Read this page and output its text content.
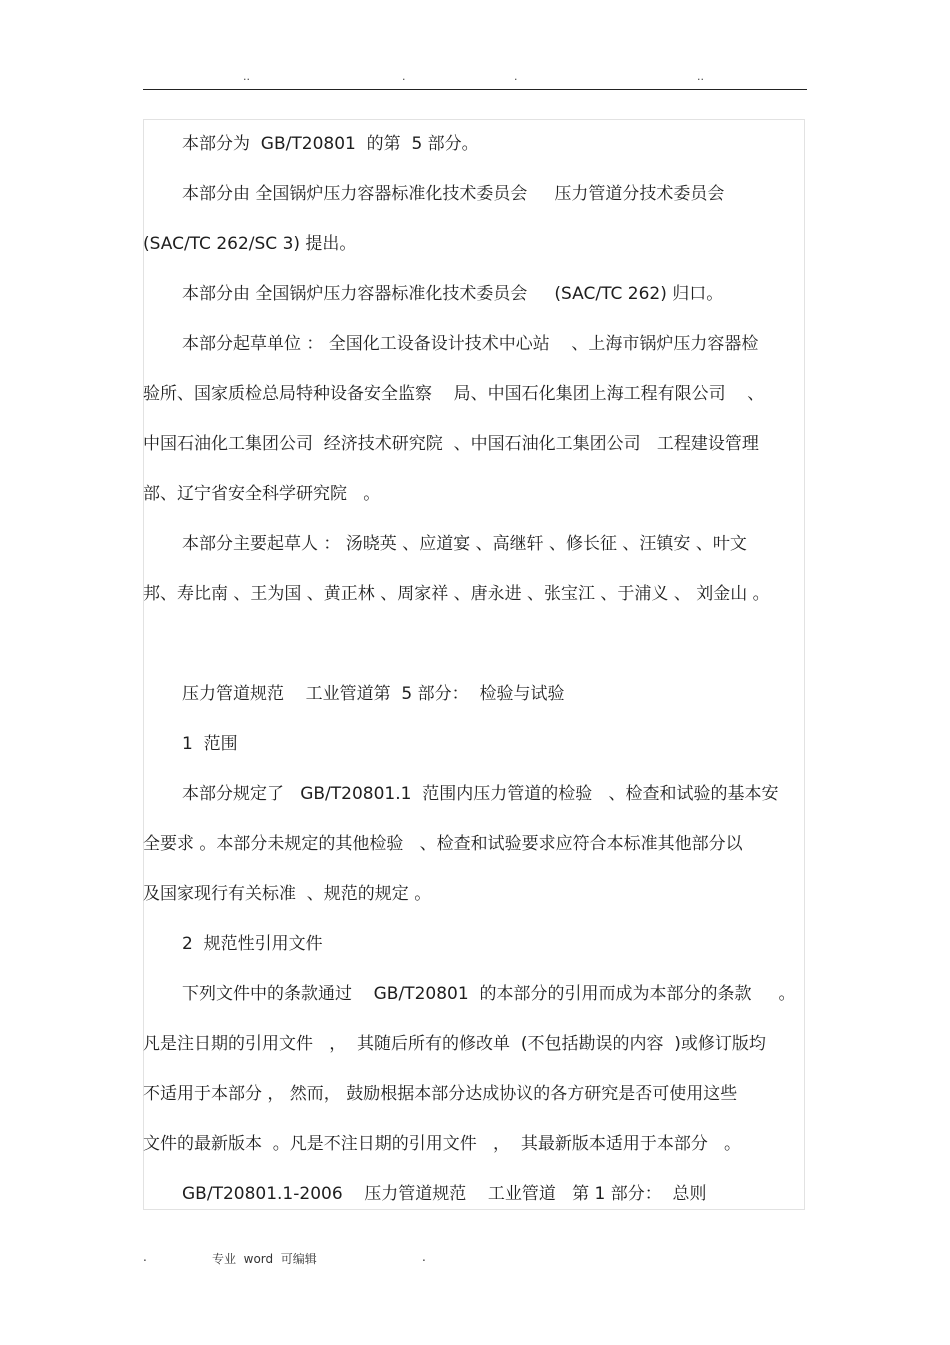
..	.	.	..
本部分为  GB/T20801  的第  5 部分。
本部分由 全国锅炉压力容器标准化技术委员会     压力管道分技术委员会
(SAC/TC 262/SC 3) 提出。
本部分由 全国锅炉压力容器标准化技术委员会     (SAC/TC 262) 归口。
本部分起草单位 ： 全国化工设备设计技术中心站    、上海市锅炉压力容器检
验所、国家质检总局特种设备安全监察    局、中国石化集团上海工程有限公司    、
中国石油化工集团公司  经济技术研究院  、中国石油化工集团公司   工程建设管理
部、辽宁省安全科学研究院   。
本部分主要起草人 ： 汤晓英 、应道宴 、高继轩 、修长征 、汪镇安 、叶文
邦、寿比南 、王为国 、黄正林 、周家祥 、唐永进 、张宝江 、于浦义 、 刘金山 。
压力管道规范    工业管道第  5 部分：  检验与试验
1  范围
本部分规定了   GB/T20801.1  范围内压力管道的检验   、检查和试验的基本安
全要求 。本部分未规定的其他检验   、检查和试验要求应符合本标准其他部分以
及国家现行有关标准  、规范的规定 。
2  规范性引用文件
下列文件中的条款通过    GB/T20801  的本部分的引用而成为本部分的条款     。
凡是注日期的引用文件   ，  其随后所有的修改单  (不包括勘误的内容  )或修订版均
不适用于本部分 ， 然而， 鼓励根据本部分达成协议的各方研究是否可使用这些
文件的最新版本  。凡是不注日期的引用文件   ，  其最新版本适用于本部分   。
GB/T20801.1-2006    压力管道规范    工业管道   第 1 部分：  总则
.	专业  word  可编辑	.
